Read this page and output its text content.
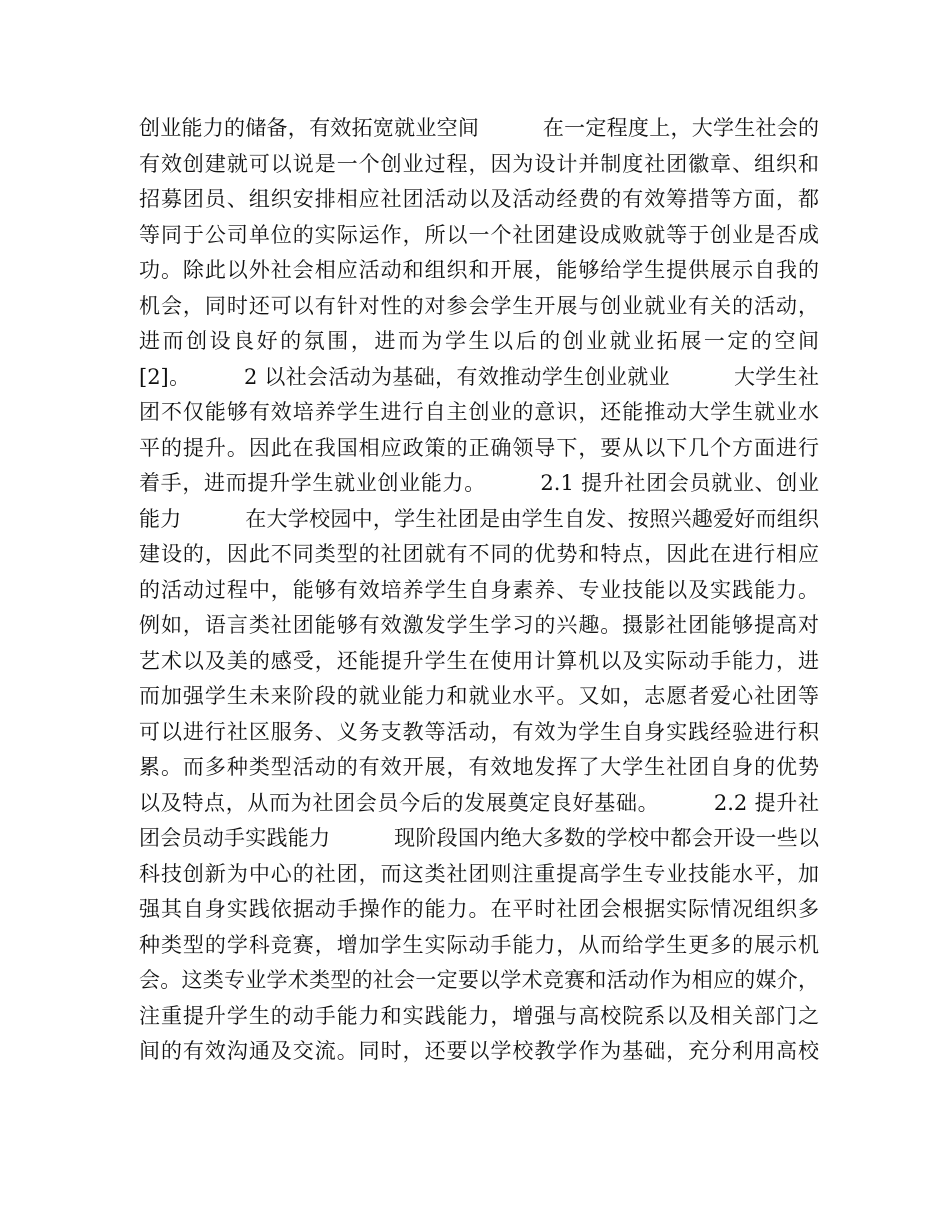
创业能力的储备，有效拓宽就业空间　　　在一定程度上，大学生社会的
有效创建就可以说是一个创业过程，因为设计并制度社团徽章、组织和
招募团员、组织安排相应社团活动以及活动经费的有效筹措等方面，都
等同于公司单位的实际运作，所以一个社团建设成败就等于创业是否成
功。除此以外社会相应活动和组织和开展，能够给学生提供展示自我的
机会，同时还可以有针对性的对参会学生开展与创业就业有关的活动，
进而创设良好的氛围，进而为学生以后的创业就业拓展一定的空间
[2]。　　　2 以社会活动为基础，有效推动学生创业就业　　　大学生社
团不仅能够有效培养学生进行自主创业的意识，还能推动大学生就业水
平的提升。因此在我国相应政策的正确领导下，要从以下几个方面进行
着手，进而提升学生就业创业能力。　　　2.1 提升社团会员就业、创业
能力　　　在大学校园中，学生社团是由学生自发、按照兴趣爱好而组织
建设的，因此不同类型的社团就有不同的优势和特点，因此在进行相应
的活动过程中，能够有效培养学生自身素养、专业技能以及实践能力。
例如，语言类社团能够有效激发学生学习的兴趣。摄影社团能够提高对
艺术以及美的感受，还能提升学生在使用计算机以及实际动手能力，进
而加强学生未来阶段的就业能力和就业水平。又如，志愿者爱心社团等
可以进行社区服务、义务支教等活动，有效为学生自身实践经验进行积
累。而多种类型活动的有效开展，有效地发挥了大学生社团自身的优势
以及特点，从而为社团会员今后的发展奠定良好基础。　　　2.2 提升社
团会员动手实践能力　　　现阶段国内绝大多数的学校中都会开设一些以
科技创新为中心的社团，而这类社团则注重提高学生专业技能水平，加
强其自身实践依据动手操作的能力。在平时社团会根据实际情况组织多
种类型的学科竞赛，增加学生实际动手能力，从而给学生更多的展示机
会。这类专业学术类型的社会一定要以学术竞赛和活动作为相应的媒介，
注重提升学生的动手能力和实践能力，增强与高校院系以及相关部门之
间的有效沟通及交流。同时，还要以学校教学作为基础，充分利用高校
